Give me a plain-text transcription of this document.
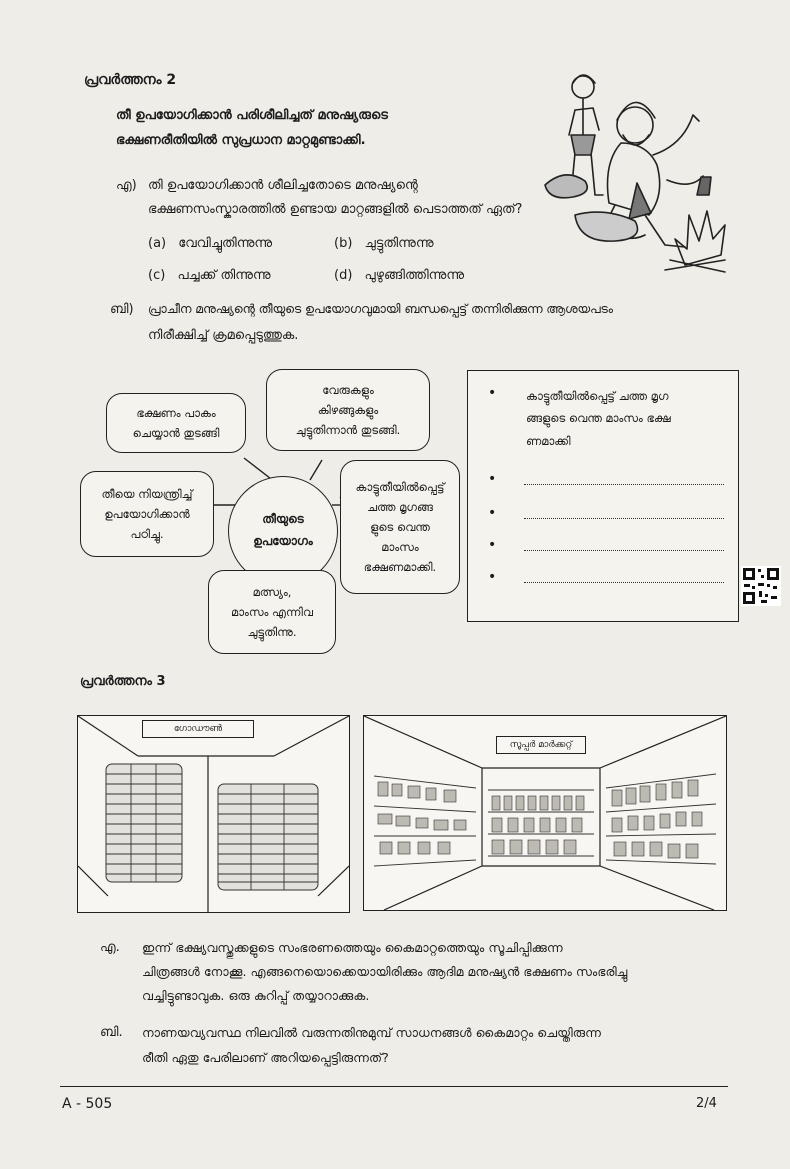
പ്രവർത്തനം 2
തീ ഉപയോഗിക്കാൻ പരിശീലിച്ചത് മനുഷ്യരുടെ
ഭക്ഷണരീതിയിൽ സുപ്രധാന മാറ്റമുണ്ടാക്കി.
എ) തി ഉപയോഗിക്കാൻ ശീലിച്ചതോടെ മനുഷ്യന്റെ
ഭക്ഷണസംസ്കാരത്തിൽ ഉണ്ടായ മാറ്റങ്ങളിൽ പെടാത്തത് ഏത്?
(a) വേവിച്ചുതിന്നുന്നു	(b) ചുട്ടുതിന്നുന്നു
(c) പച്ചക്ക് തിന്നുന്നു	(d) പുഴുങ്ങിത്തിന്നുന്നു
ബി) പ്രാചീന മനുഷ്യന്റെ തീയുടെ ഉപയോഗവുമായി ബന്ധപ്പെട്ട് തന്നിരിക്കുന്ന ആശയപടം
നിരീക്ഷിച്ച് ക്രമപ്പെടുത്തുക.
തീയുടെ
ഉപയോഗം
വേരുകളും
കിഴങ്ങുകളും
ചുട്ടുതിന്നാൻ തുടങ്ങി.
ഭക്ഷണം പാകം
ചെയ്യാൻ തുടങ്ങി
തീയെ നിയന്ത്രിച്ച്
ഉപയോഗിക്കാൻ
പഠിച്ചു.
കാട്ടുതീയിൽപ്പെട്ട്
ചത്ത മൃഗങ്ങ
ളുടെ വെന്ത
മാംസം
ഭക്ഷണമാക്കി.
മത്സ്യം,
മാംസം എന്നിവ
ചുട്ടുതിന്നു.
•	കാട്ടുതീയിൽപ്പെട്ട് ചത്ത മൃഗ
ങ്ങളുടെ വെന്ത മാംസം ഭക്ഷ
ണമാക്കി
•
•
•
•
പ്രവർത്തനം 3
ഗോഡൗൺ
സൂപ്പർ മാർക്കറ്റ്
എ. ഇന്ന് ഭക്ഷ്യവസ്തുക്കളുടെ സംഭരണത്തെയും കൈമാറ്റത്തെയും സൂചിപ്പിക്കുന്ന
ചിത്രങ്ങൾ നോക്കൂ. എങ്ങനെയൊക്കെയായിരിക്കും ആദിമ മനുഷ്യൻ ഭക്ഷണം സംഭരിച്ചു
വച്ചിട്ടുണ്ടാവുക. ഒരു കുറിപ്പ് തയ്യാറാക്കുക.
ബി. നാണയവ്യവസ്ഥ നിലവിൽ വരുന്നതിനുമുമ്പ് സാധനങ്ങൾ കൈമാറ്റം ചെയ്തിരുന്ന
രീതി ഏതു പേരിലാണ് അറിയപ്പെട്ടിരുന്നത്?
A - 505	2/4
